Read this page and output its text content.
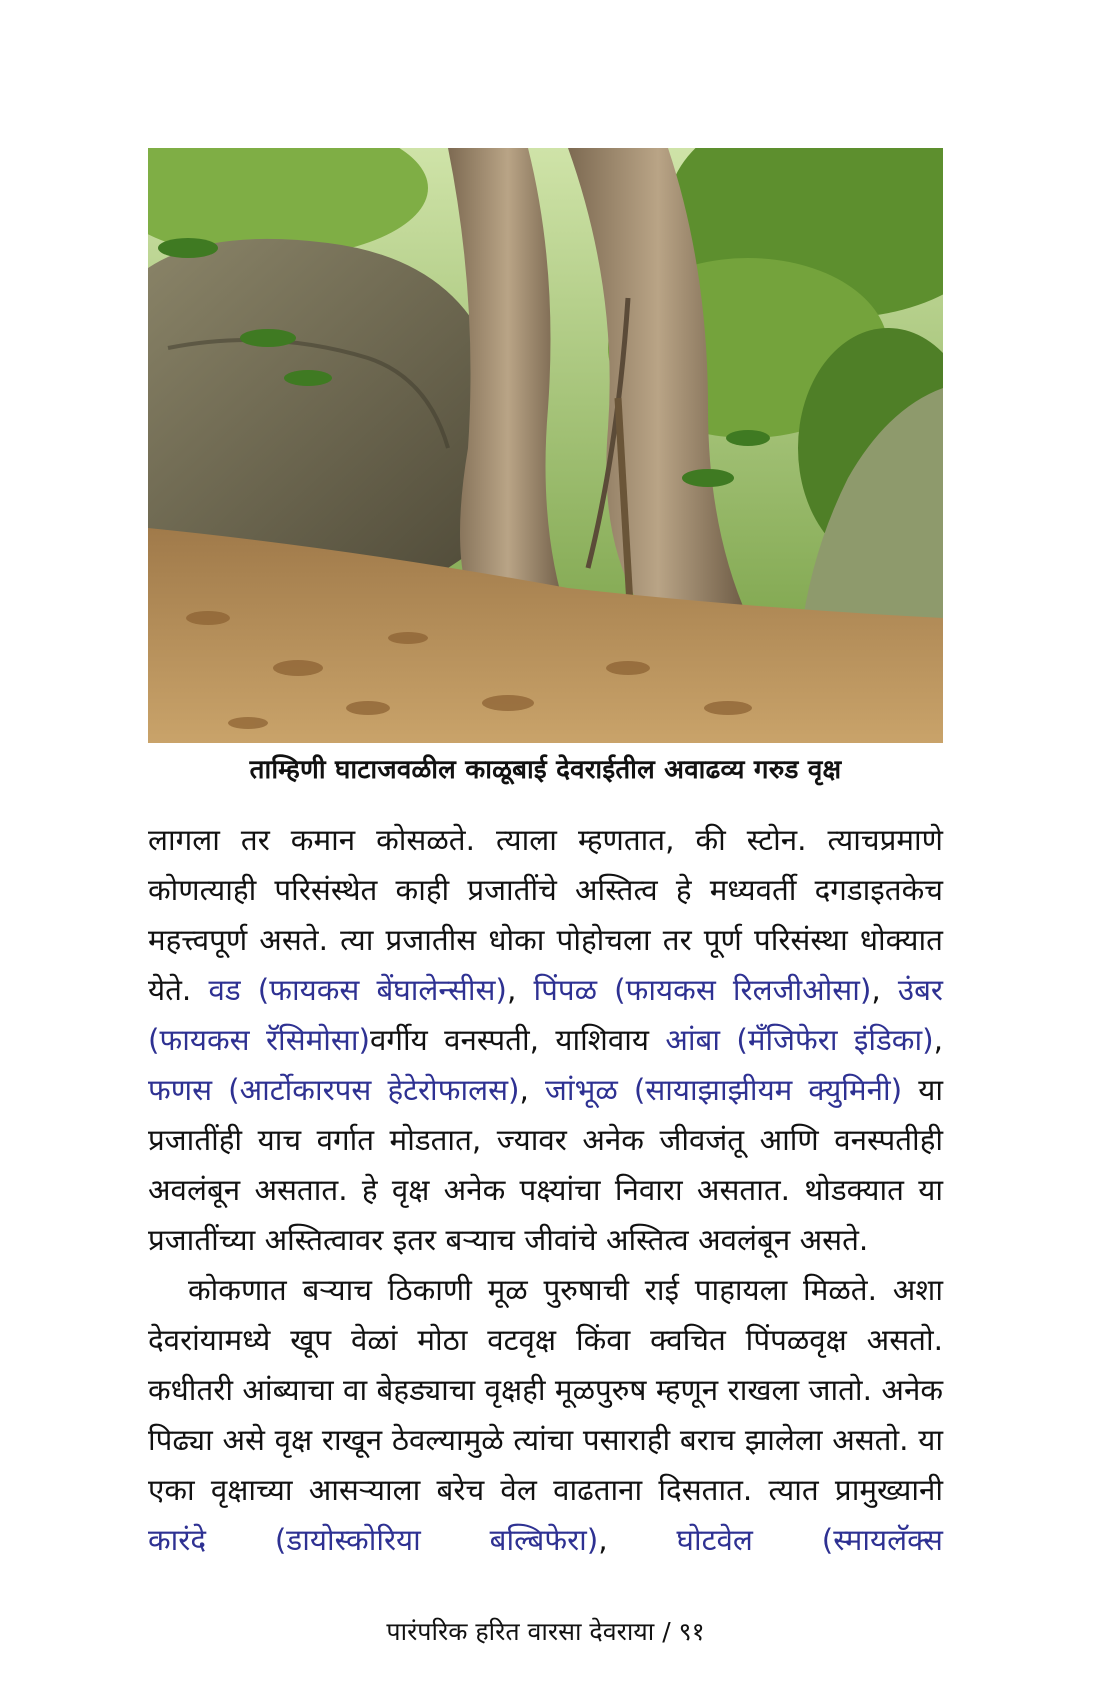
ताम्हिणी घाटाजवळील काळूबाई देवराईतील अवाढव्य गरुड वृक्ष

लागला तर कमान कोसळते. त्याला म्हणतात, की स्टोन. त्याचप्रमाणे कोणत्याही परिसंस्थेत काही प्रजातींचे अस्तित्व हे मध्यवर्ती दगडाइतकेच महत्त्वपूर्ण असते. त्या प्रजातीस धोका पोहोचला तर पूर्ण परिसंस्था धोक्यात येते. वड (फायकस बेंघालेन्सीस), पिंपळ (फायकस रिलजीओसा), उंबर (फायकस रॅसिमोसा)वर्गीय वनस्पती, याशिवाय आंबा (मँजिफेरा इंडिका), फणस (आर्टोकारपस हेटेरोफालस), जांभूळ (सायाझाझीयम क्युमिनी) या प्रजातींही याच वर्गात मोडतात, ज्यावर अनेक जीवजंतू आणि वनस्पतीही अवलंबून असतात. हे वृक्ष अनेक पक्ष्यांचा निवारा असतात. थोडक्यात या प्रजातींच्या अस्तित्वावर इतर बऱ्याच जीवांचे अस्तित्व अवलंबून असते.

कोकणात बऱ्याच ठिकाणी मूळ पुरुषाची राई पाहायला मिळते. अशा देवरांयामध्ये खूप वेळां मोठा वटवृक्ष किंवा क्वचित पिंपळवृक्ष असतो. कधीतरी आंब्याचा वा बेहड्याचा वृक्षही मूळपुरुष म्हणून राखला जातो. अनेक पिढ्या असे वृक्ष राखून ठेवल्यामुळे त्यांचा पसाराही बराच झालेला असतो. या एका वृक्षाच्या आसऱ्याला बरेच वेल वाढताना दिसतात. त्यात प्रामुख्यानी कारंदे (डायोस्कोरिया बल्बिफेरा), घोटवेल (स्मायलॅक्स

पारंपरिक हरित वारसा देवराया / ९१
